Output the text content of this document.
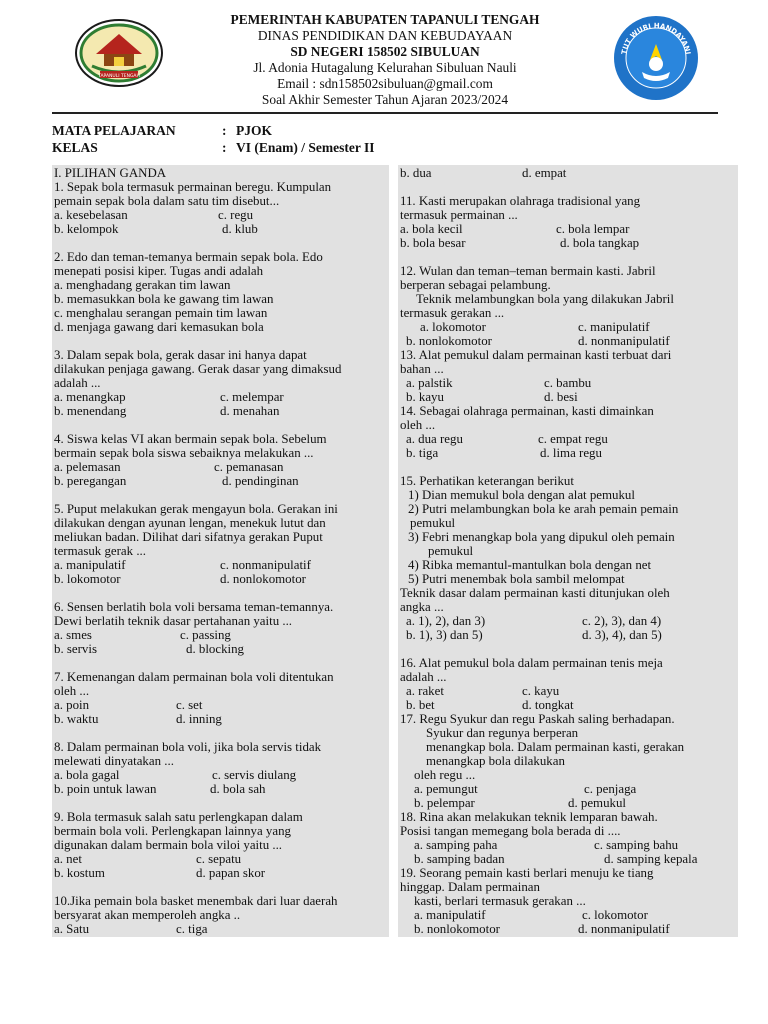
TAPANULI TENGAH
PEMERINTAH KABUPATEN TAPANULI TENGAH
DINAS PENDIDIKAN DAN KEBUDAYAAN
SD NEGERI 158502 SIBULUAN
Jl. Adonia Hutagalung Kelurahan Sibuluan Nauli
Email : sdn158502sibuluan@gmail.com
Soal Akhir Semester Tahun Ajaran 2023/2024
TUT WURI HANDAYANI
MATA PELAJARAN	: PJOK
KELAS	: VI (Enam) / Semester II
I. PILIHAN GANDA
1. Sepak bola termasuk permainan beregu. Kumpulan
pemain sepak bola dalam satu tim disebut...
a. kesebelasan	c. regu
b. kelompok	d. klub
2. Edo dan teman-temanya bermain sepak bola. Edo
menepati posisi kiper. Tugas andi adalah
a. menghadang gerakan tim lawan
b. memasukkan bola ke gawang tim lawan
c. menghalau serangan pemain tim lawan
d. menjaga gawang dari kemasukan bola
3. Dalam sepak bola, gerak dasar ini hanya dapat
dilakukan penjaga gawang. Gerak dasar yang dimaksud
adalah ...
a. menangkap	c. melempar
b. menendang	d. menahan
4. Siswa kelas VI akan bermain sepak bola. Sebelum
bermain sepak bola siswa sebaiknya melakukan ...
a. pelemasan	c. pemanasan
b. peregangan	d. pendinginan
5. Puput melakukan gerak mengayun bola. Gerakan ini
dilakukan dengan ayunan lengan, menekuk lutut dan
meliukan badan. Dilihat dari sifatnya gerakan Puput
termasuk gerak ...
a. manipulatif	c. nonmanipulatif
b. lokomotor	d. nonlokomotor
6. Sensen berlatih bola voli bersama teman-temannya.
Dewi berlatih teknik dasar pertahanan yaitu ...
a. smes	c. passing
b. servis	d. blocking
7. Kemenangan dalam permainan bola voli ditentukan
oleh ...
a. poin	c. set
b. waktu	d. inning
8. Dalam permainan bola voli, jika bola servis tidak
melewati dinyatakan ...
a. bola gagal	c. servis diulang
b. poin untuk lawan	d. bola sah
9. Bola termasuk salah satu perlengkapan dalam
bermain bola voli. Perlengkapan lainnya yang
digunakan dalam bermain bola viloi yaitu ...
a. net	c. sepatu
b. kostum	d. papan skor
10.Jika pemain bola basket menembak dari luar daerah
bersyarat akan memperoleh angka ..
a. Satu	c. tiga
b. dua	d. empat
11. Kasti merupakan olahraga tradisional yang
termasuk permainan ...
a. bola kecil	c. bola lempar
b. bola besar	d. bola tangkap
12. Wulan dan teman–teman bermain kasti. Jabril
berperan sebagai pelambung.
Teknik melambungkan bola yang dilakukan Jabril
termasuk gerakan ...
a. lokomotor	c. manipulatif
b. nonlokomotor	d. nonmanipulatif
13. Alat pemukul dalam permainan kasti terbuat dari
bahan ...
a. palstik	c. bambu
b. kayu	d. besi
14. Sebagai olahraga permainan, kasti dimainkan
oleh ...
a. dua regu	c. empat regu
b. tiga	d. lima regu
15. Perhatikan keterangan berikut
1) Dian memukul bola dengan alat pemukul
2) Putri melambungkan bola ke arah pemain pemain
pemukul
3) Febri menangkap bola yang dipukul oleh pemain
pemukul
4) Ribka memantul-mantulkan bola dengan net
5) Putri menembak bola sambil melompat
Teknik dasar dalam permainan kasti ditunjukan oleh
angka ...
a. 1), 2), dan 3)	c. 2), 3), dan 4)
b. 1), 3) dan 5)	d. 3), 4), dan 5)
16. Alat pemukul bola dalam permainan tenis meja
adalah ...
a. raket	c. kayu
b. bet	d. tongkat
17. Regu Syukur dan regu Paskah saling berhadapan.
Syukur dan regunya berperan
menangkap bola. Dalam permainan kasti, gerakan
menangkap bola dilakukan
oleh regu ...
a. pemungut	c. penjaga
b. pelempar	d. pemukul
18. Rina akan melakukan teknik lemparan bawah.
Posisi tangan memegang bola berada di ....
a. samping paha	c. samping bahu
b. samping badan	d. samping kepala
19. Seorang pemain kasti berlari menuju ke tiang
hinggap. Dalam permainan
kasti, berlari termasuk gerakan ...
a. manipulatif	c. lokomotor
b. nonlokomotor	d. nonmanipulatif
